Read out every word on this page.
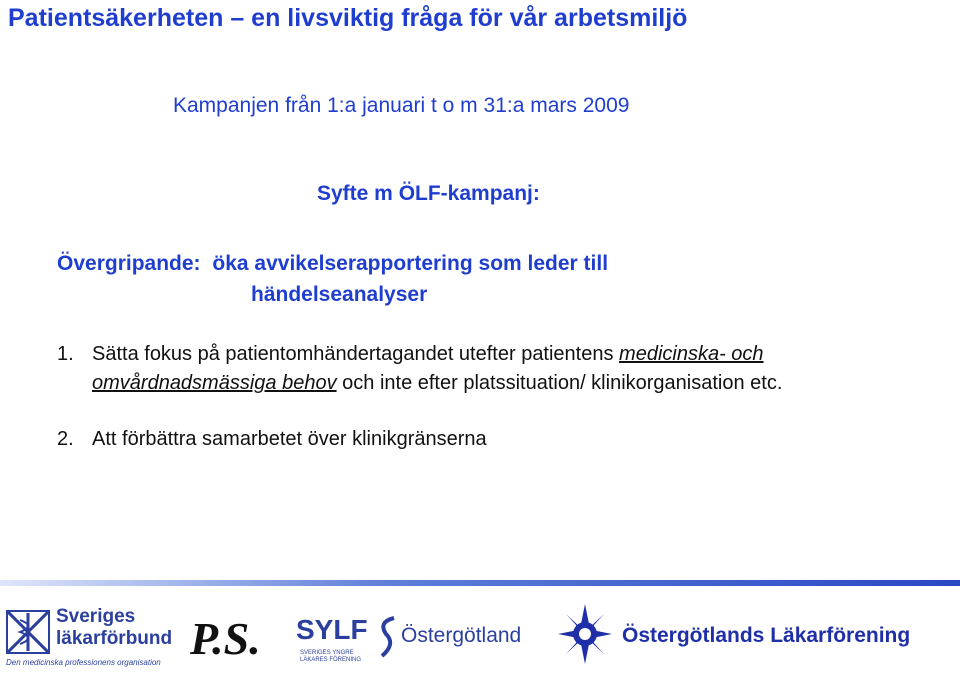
Patientsäkerheten – en livsviktig fråga för vår arbetsmiljö
Kampanjen från 1:a januari t o m 31:a mars 2009
Syfte m ÖLF-kampanj:
Övergripande: öka avvikelserapportering som leder till
händelseanalyser
1. Sätta fokus på patientomhändertagandet utefter patientens medicinska- och omvårdnadsmässiga behov och inte efter platssituation/ klinikorganisation etc.
2. Att förbättra samarbetet över klinikgränserna
Sveriges
läkarförbund
Den medicinska professionens organisation P.S. SYLF
SVERIGES YNGRE LÄKARES FÖRENING
Östergötland	Östergötlands Läkarförening
